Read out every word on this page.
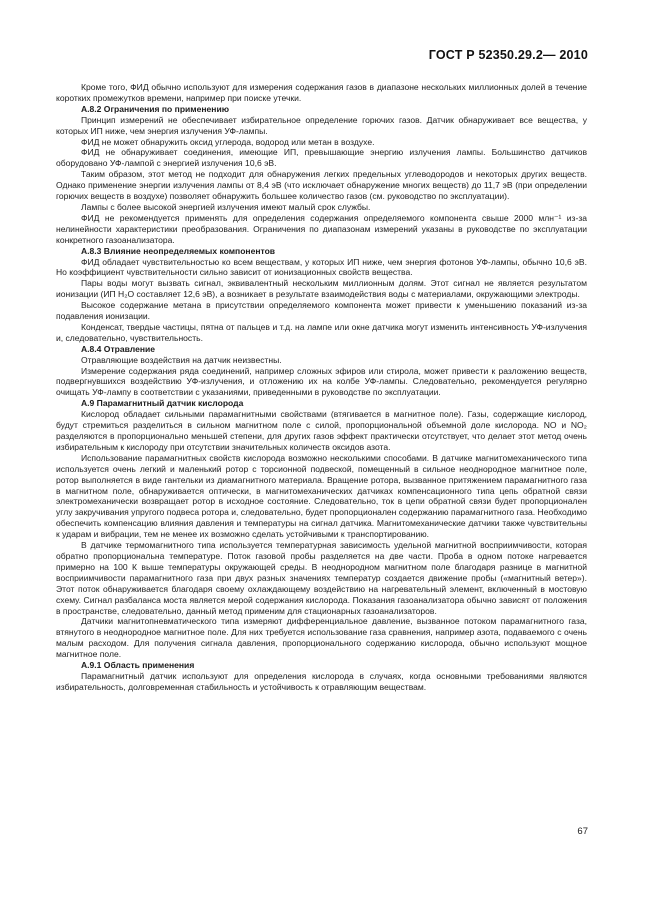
ГОСТ Р 52350.29.2— 2010

Кроме того, ФИД обычно используют для измерения содержания газов в диапазоне нескольких миллионных долей в течение коротких промежутков времени, например при поиске утечки.

А.8.2 Ограничения по применению

Принцип измерений не обеспечивает избирательное определение горючих газов. Датчик обнаруживает все вещества, у которых ИП ниже, чем энергия излучения УФ-лампы.

ФИД не может обнаружить оксид углерода, водород или метан в воздухе.

ФИД не обнаруживает соединения, имеющие ИП, превышающие энергию излучения лампы. Большинство датчиков оборудовано УФ-лампой с энергией излучения 10,6 эВ.

Таким образом, этот метод не подходит для обнаружения легких предельных углеводородов и некоторых других веществ. Однако применение энергии излучения лампы от 8,4 эВ (что исключает обнаружение многих веществ) до 11,7 эВ (при определении горючих веществ в воздухе) позволяет обнаружить большее количество газов (см. руководство по эксплуатации).

Лампы с более высокой энергией излучения имеют малый срок службы.

ФИД не рекомендуется применять для определения содержания определяемого компонента свыше 2000 млн⁻¹ из-за нелинейности характеристики преобразования. Ограничения по диапазонам измерений указаны в руководстве по эксплуатации конкретного газоанализатора.

А.8.3 Влияние неопределяемых компонентов

ФИД обладает чувствительностью ко всем веществам, у которых ИП ниже, чем энергия фотонов УФ-лампы, обычно 10,6 эВ. Но коэффициент чувствительности сильно зависит от ионизационных свойств вещества.

Пары воды могут вызвать сигнал, эквивалентный нескольким миллионным долям. Этот сигнал не является результатом ионизации (ИП H₂O составляет 12,6 эВ), а возникает в результате взаимодействия воды с материалами, окружающими электроды.

Высокое содержание метана в присутствии определяемого компонента может привести к уменьшению показаний из-за подавления ионизации.

Конденсат, твердые частицы, пятна от пальцев и т.д. на лампе или окне датчика могут изменить интенсивность УФ-излучения и, следовательно, чувствительность.

А.8.4 Отравление

Отравляющие воздействия на датчик неизвестны.

Измерение содержания ряда соединений, например сложных эфиров или стирола, может привести к разложению веществ, подвергнувшихся воздействию УФ-излучения, и отложению их на колбе УФ-лампы. Следовательно, рекомендуется регулярно очищать УФ-лампу в соответствии с указаниями, приведенными в руководстве по эксплуатации.

А.9 Парамагнитный датчик кислорода

Кислород обладает сильными парамагнитными свойствами (втягивается в магнитное поле). Газы, содержащие кислород, будут стремиться разделиться в сильном магнитном поле с силой, пропорциональной объемной доле кислорода. NO и NO₂ разделяются в пропорционально меньшей степени, для других газов эффект практически отсутствует, что делает этот метод очень избирательным к кислороду при отсутствии значительных количеств оксидов азота.

Использование парамагнитных свойств кислорода возможно несколькими способами. В датчике магнитомеханического типа используется очень легкий и маленький ротор с торсионной подвеской, помещенный в сильное неоднородное магнитное поле, ротор выполняется в виде гантельки из диамагнитного материала. Вращение ротора, вызванное притяжением парамагнитного газа в магнитном поле, обнаруживается оптически, в магнитомеханических датчиках компенсационного типа цепь обратной связи электромеханически возвращает ротор в исходное состояние. Следовательно, ток в цепи обратной связи будет пропорционален углу закручивания упругого подвеса ротора и, следовательно, будет пропорционален содержанию парамагнитного газа. Необходимо обеспечить компенсацию влияния давления и температуры на сигнал датчика. Магнитомеханические датчики также чувствительны к ударам и вибрации, тем не менее их возможно сделать устойчивыми к транспортированию.

В датчике термомагнитного типа используется температурная зависимость удельной магнитной восприимчивости, которая обратно пропорциональна температуре. Поток газовой пробы разделяется на две части. Проба в одном потоке нагревается примерно на 100 К выше температуры окружающей среды. В неоднородном магнитном поле благодаря разнице в магнитной восприимчивости парамагнитного газа при двух разных значениях температур создается движение пробы («магнитный ветер»). Этот поток обнаруживается благодаря своему охлаждающему воздействию на нагревательный элемент, включенный в мостовую схему. Сигнал разбаланса моста является мерой содержания кислорода. Показания газоанализатора обычно зависят от положения в пространстве, следовательно, данный метод применим для стационарных газоанализаторов.

Датчики магнитопневматического типа измеряют дифференциальное давление, вызванное потоком парамагнитного газа, втянутого в неоднородное магнитное поле. Для них требуется использование газа сравнения, например азота, подаваемого с очень малым расходом. Для получения сигнала давления, пропорционального содержанию кислорода, обычно используют мощное магнитное поле.

А.9.1 Область применения

Парамагнитный датчик используют для определения кислорода в случаях, когда основными требованиями являются избирательность, долговременная стабильность и устойчивость к отравляющим веществам.

67
